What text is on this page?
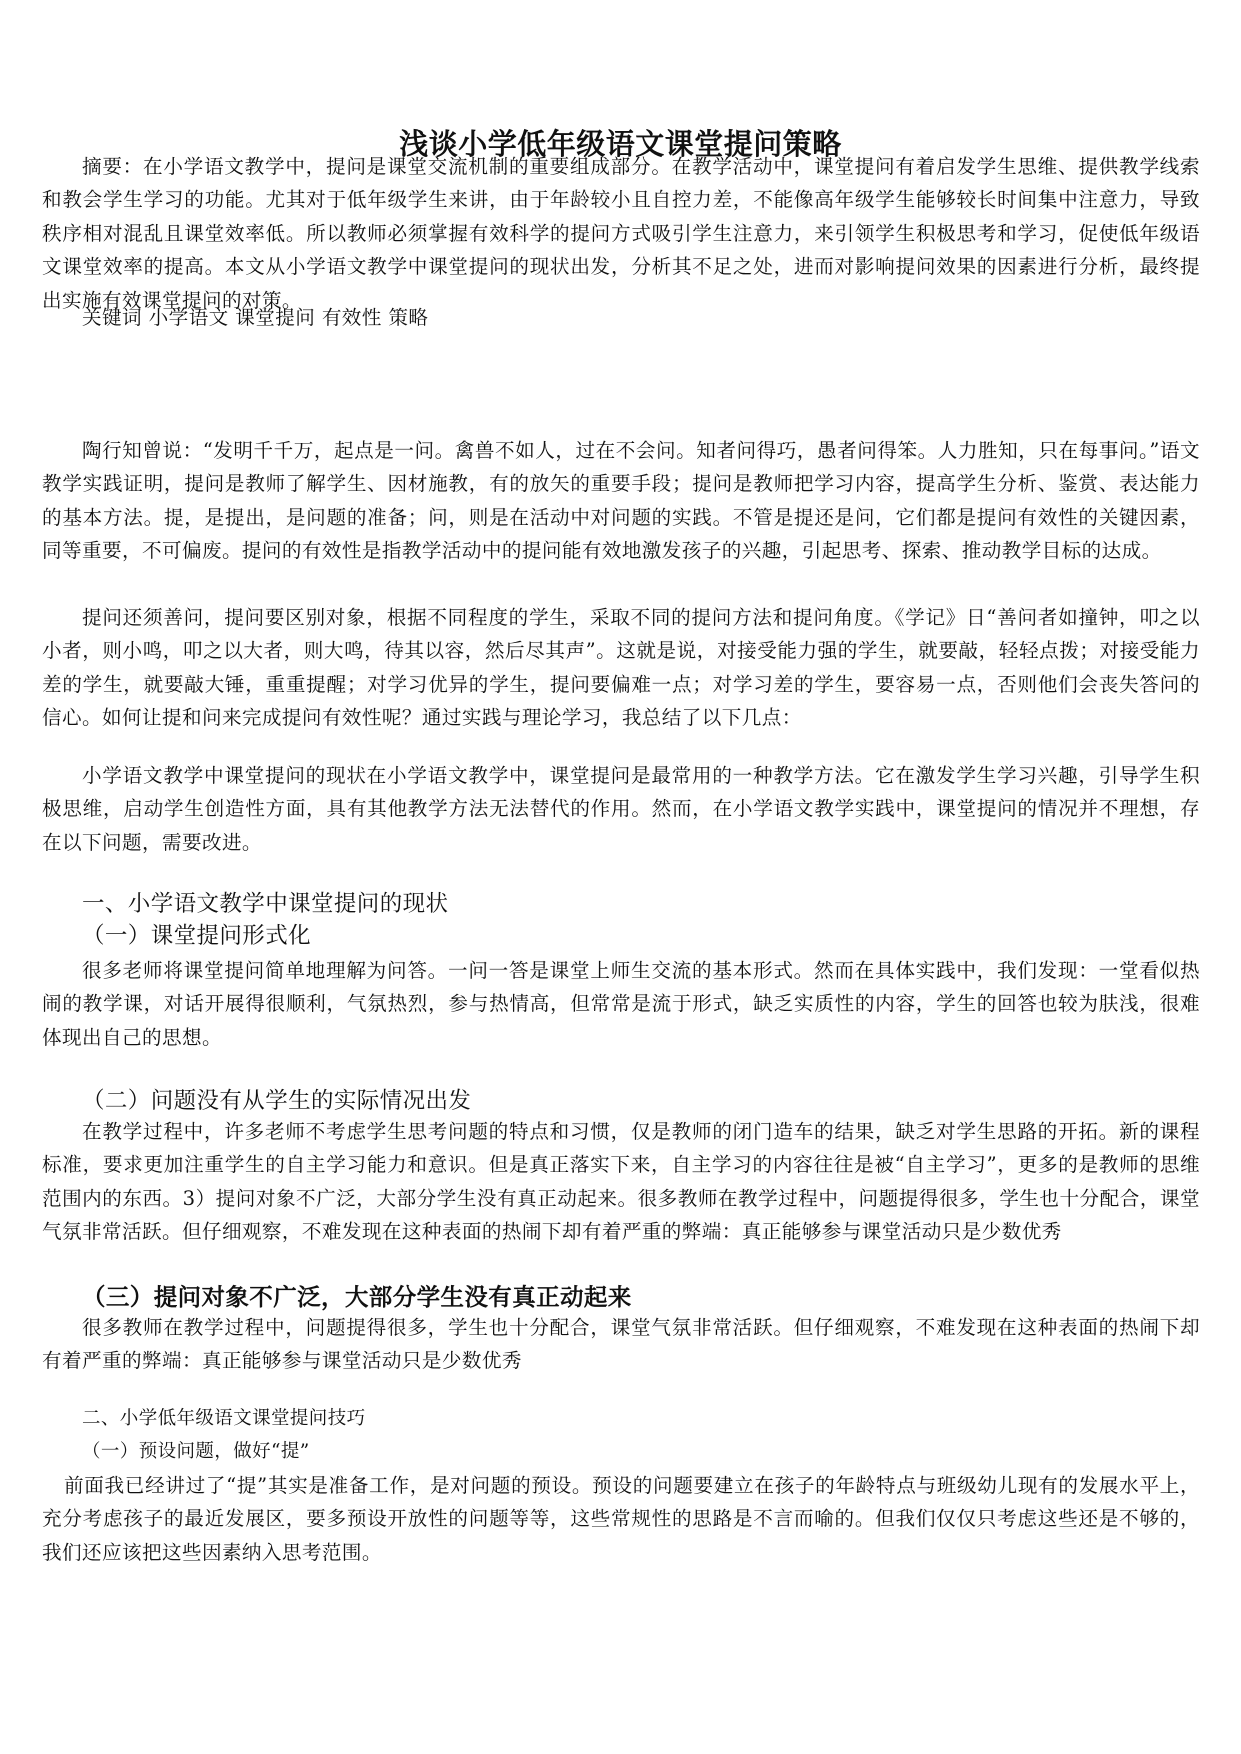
浅谈小学低年级语文课堂提问策略
摘要：在小学语文教学中，提问是课堂交流机制的重要组成部分。在教学活动中，课堂提问有着启发学生思维、提供教学线索和教会学生学习的功能。尤其对于低年级学生来讲，由于年龄较小且自控力差，不能像高年级学生能够较长时间集中注意力，导致秩序相对混乱且课堂效率低。所以教师必须掌握有效科学的提问方式吸引学生注意力，来引领学生积极思考和学习，促使低年级语文课堂效率的提高。本文从小学语文教学中课堂提问的现状出发，分析其不足之处，进而对影响提问效果的因素进行分析，最终提出实施有效课堂提问的对策。
关键词 小学语文 课堂提问 有效性 策略
陶行知曾说：“发明千千万，起点是一问。禽兽不如人，过在不会问。知者问得巧，愚者问得笨。人力胜知，只在每事问。”语文教学实践证明，提问是教师了解学生、因材施教，有的放矢的重要手段；提问是教师把学习内容，提高学生分析、鉴赏、表达能力的基本方法。提，是提出，是问题的准备；问，则是在活动中对问题的实践。不管是提还是问，它们都是提问有效性的关键因素，同等重要，不可偏废。提问的有效性是指教学活动中的提问能有效地激发孩子的兴趣，引起思考、探索、推动教学目标的达成。
提问还须善问，提问要区别对象，根据不同程度的学生，采取不同的提问方法和提问角度。《学记》日“善问者如撞钟，叩之以小者，则小鸣，叩之以大者，则大鸣，待其以容，然后尽其声”。这就是说，对接受能力强的学生，就要敲，轻轻点拨；对接受能力差的学生，就要敲大锤，重重提醒；对学习优异的学生，提问要偏难一点；对学习差的学生，要容易一点，否则他们会丧失答问的信心。如何让提和问来完成提问有效性呢？通过实践与理论学习，我总结了以下几点：
小学语文教学中课堂提问的现状在小学语文教学中，课堂提问是最常用的一种教学方法。它在激发学生学习兴趣，引导学生积极思维，启动学生创造性方面，具有其他教学方法无法替代的作用。然而，在小学语文教学实践中，课堂提问的情况并不理想，存在以下问题，需要改进。
一、小学语文教学中课堂提问的现状
（一）课堂提问形式化
很多老师将课堂提问简单地理解为问答。一问一答是课堂上师生交流的基本形式。然而在具体实践中，我们发现：一堂看似热闹的教学课，对话开展得很顺利，气氛热烈，参与热情高，但常常是流于形式，缺乏实质性的内容，学生的回答也较为肤浅，很难体现出自己的思想。
（二）问题没有从学生的实际情况出发
在教学过程中，许多老师不考虑学生思考问题的特点和习惯，仅是教师的闭门造车的结果，缺乏对学生思路的开拓。新的课程标准，要求更加注重学生的自主学习能力和意识。但是真正落实下来，自主学习的内容往往是被“自主学习”，更多的是教师的思维范围内的东西。3）提问对象不广泛，大部分学生没有真正动起来。很多教师在教学过程中，问题提得很多，学生也十分配合，课堂气氛非常活跃。但仔细观察，不难发现在这种表面的热闹下却有着严重的弊端：真正能够参与课堂活动只是少数优秀
（三）提问对象不广泛，大部分学生没有真正动起来
很多教师在教学过程中，问题提得很多，学生也十分配合，课堂气氛非常活跃。但仔细观察，不难发现在这种表面的热闹下却有着严重的弊端：真正能够参与课堂活动只是少数优秀
二、小学低年级语文课堂提问技巧
（一）预设问题，做好“提”
前面我已经讲过了“提”其实是准备工作，是对问题的预设。预设的问题要建立在孩子的年龄特点与班级幼儿现有的发展水平上，充分考虑孩子的最近发展区，要多预设开放性的问题等等，这些常规性的思路是不言而喻的。但我们仅仅只考虑这些还是不够的，我们还应该把这些因素纳入思考范围。
